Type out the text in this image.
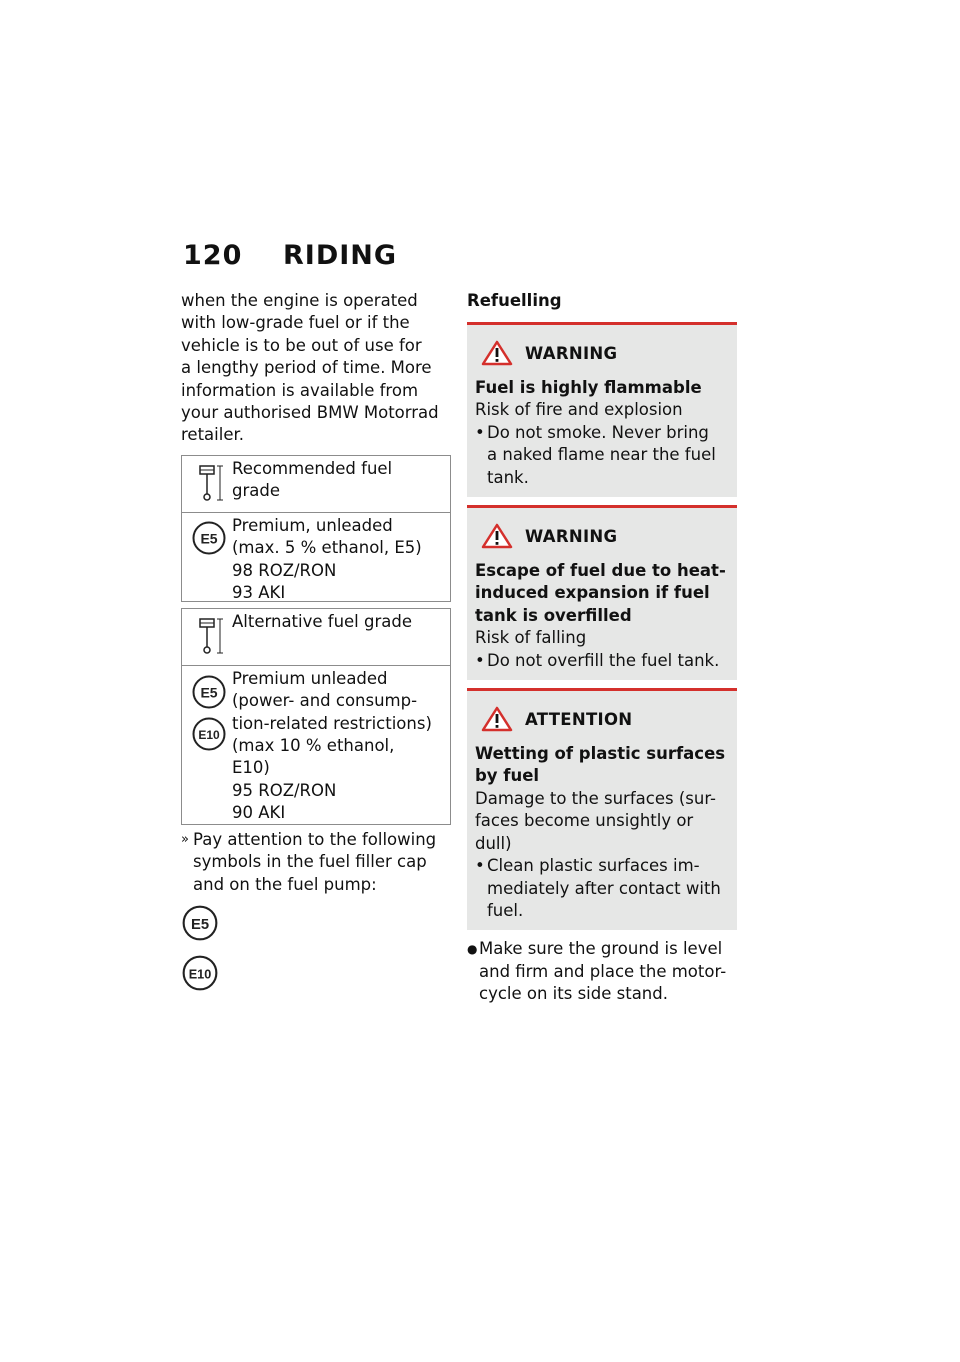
120 RIDING

when the engine is operated
with low-grade fuel or if the
vehicle is to be out of use for
a lengthy period of time. More
information is available from
your authorised BMW Motorrad
retailer.

Recommended fuel
grade
E5
Premium, unleaded
(max. 5 % ethanol, E5)
98 ROZ/RON
93 AKI
Alternative fuel grade
E5
E10
Premium unleaded
(power- and consump-
tion-related restrictions)
(max 10 % ethanol,
E10)
95 ROZ/RON
90 AKI
» Pay attention to the following
symbols in the fuel filler cap
and on the fuel pump:
E5
E10

Refuelling

WARNING

Fuel is highly flammable

Risk of fire and explosion

• Do not smoke. Never bring
a naked flame near the fuel
tank.
WARNING

Escape of fuel due to heat-
induced expansion if fuel
tank is overfilled

Risk of falling

• Do not overfill the fuel tank.
ATTENTION

Wetting of plastic surfaces
by fuel

Damage to the surfaces (sur-
faces become unsightly or
dull)

• Clean plastic surfaces im-
mediately after contact with
fuel.
● Make sure the ground is level
and firm and place the motor-
cycle on its side stand.
